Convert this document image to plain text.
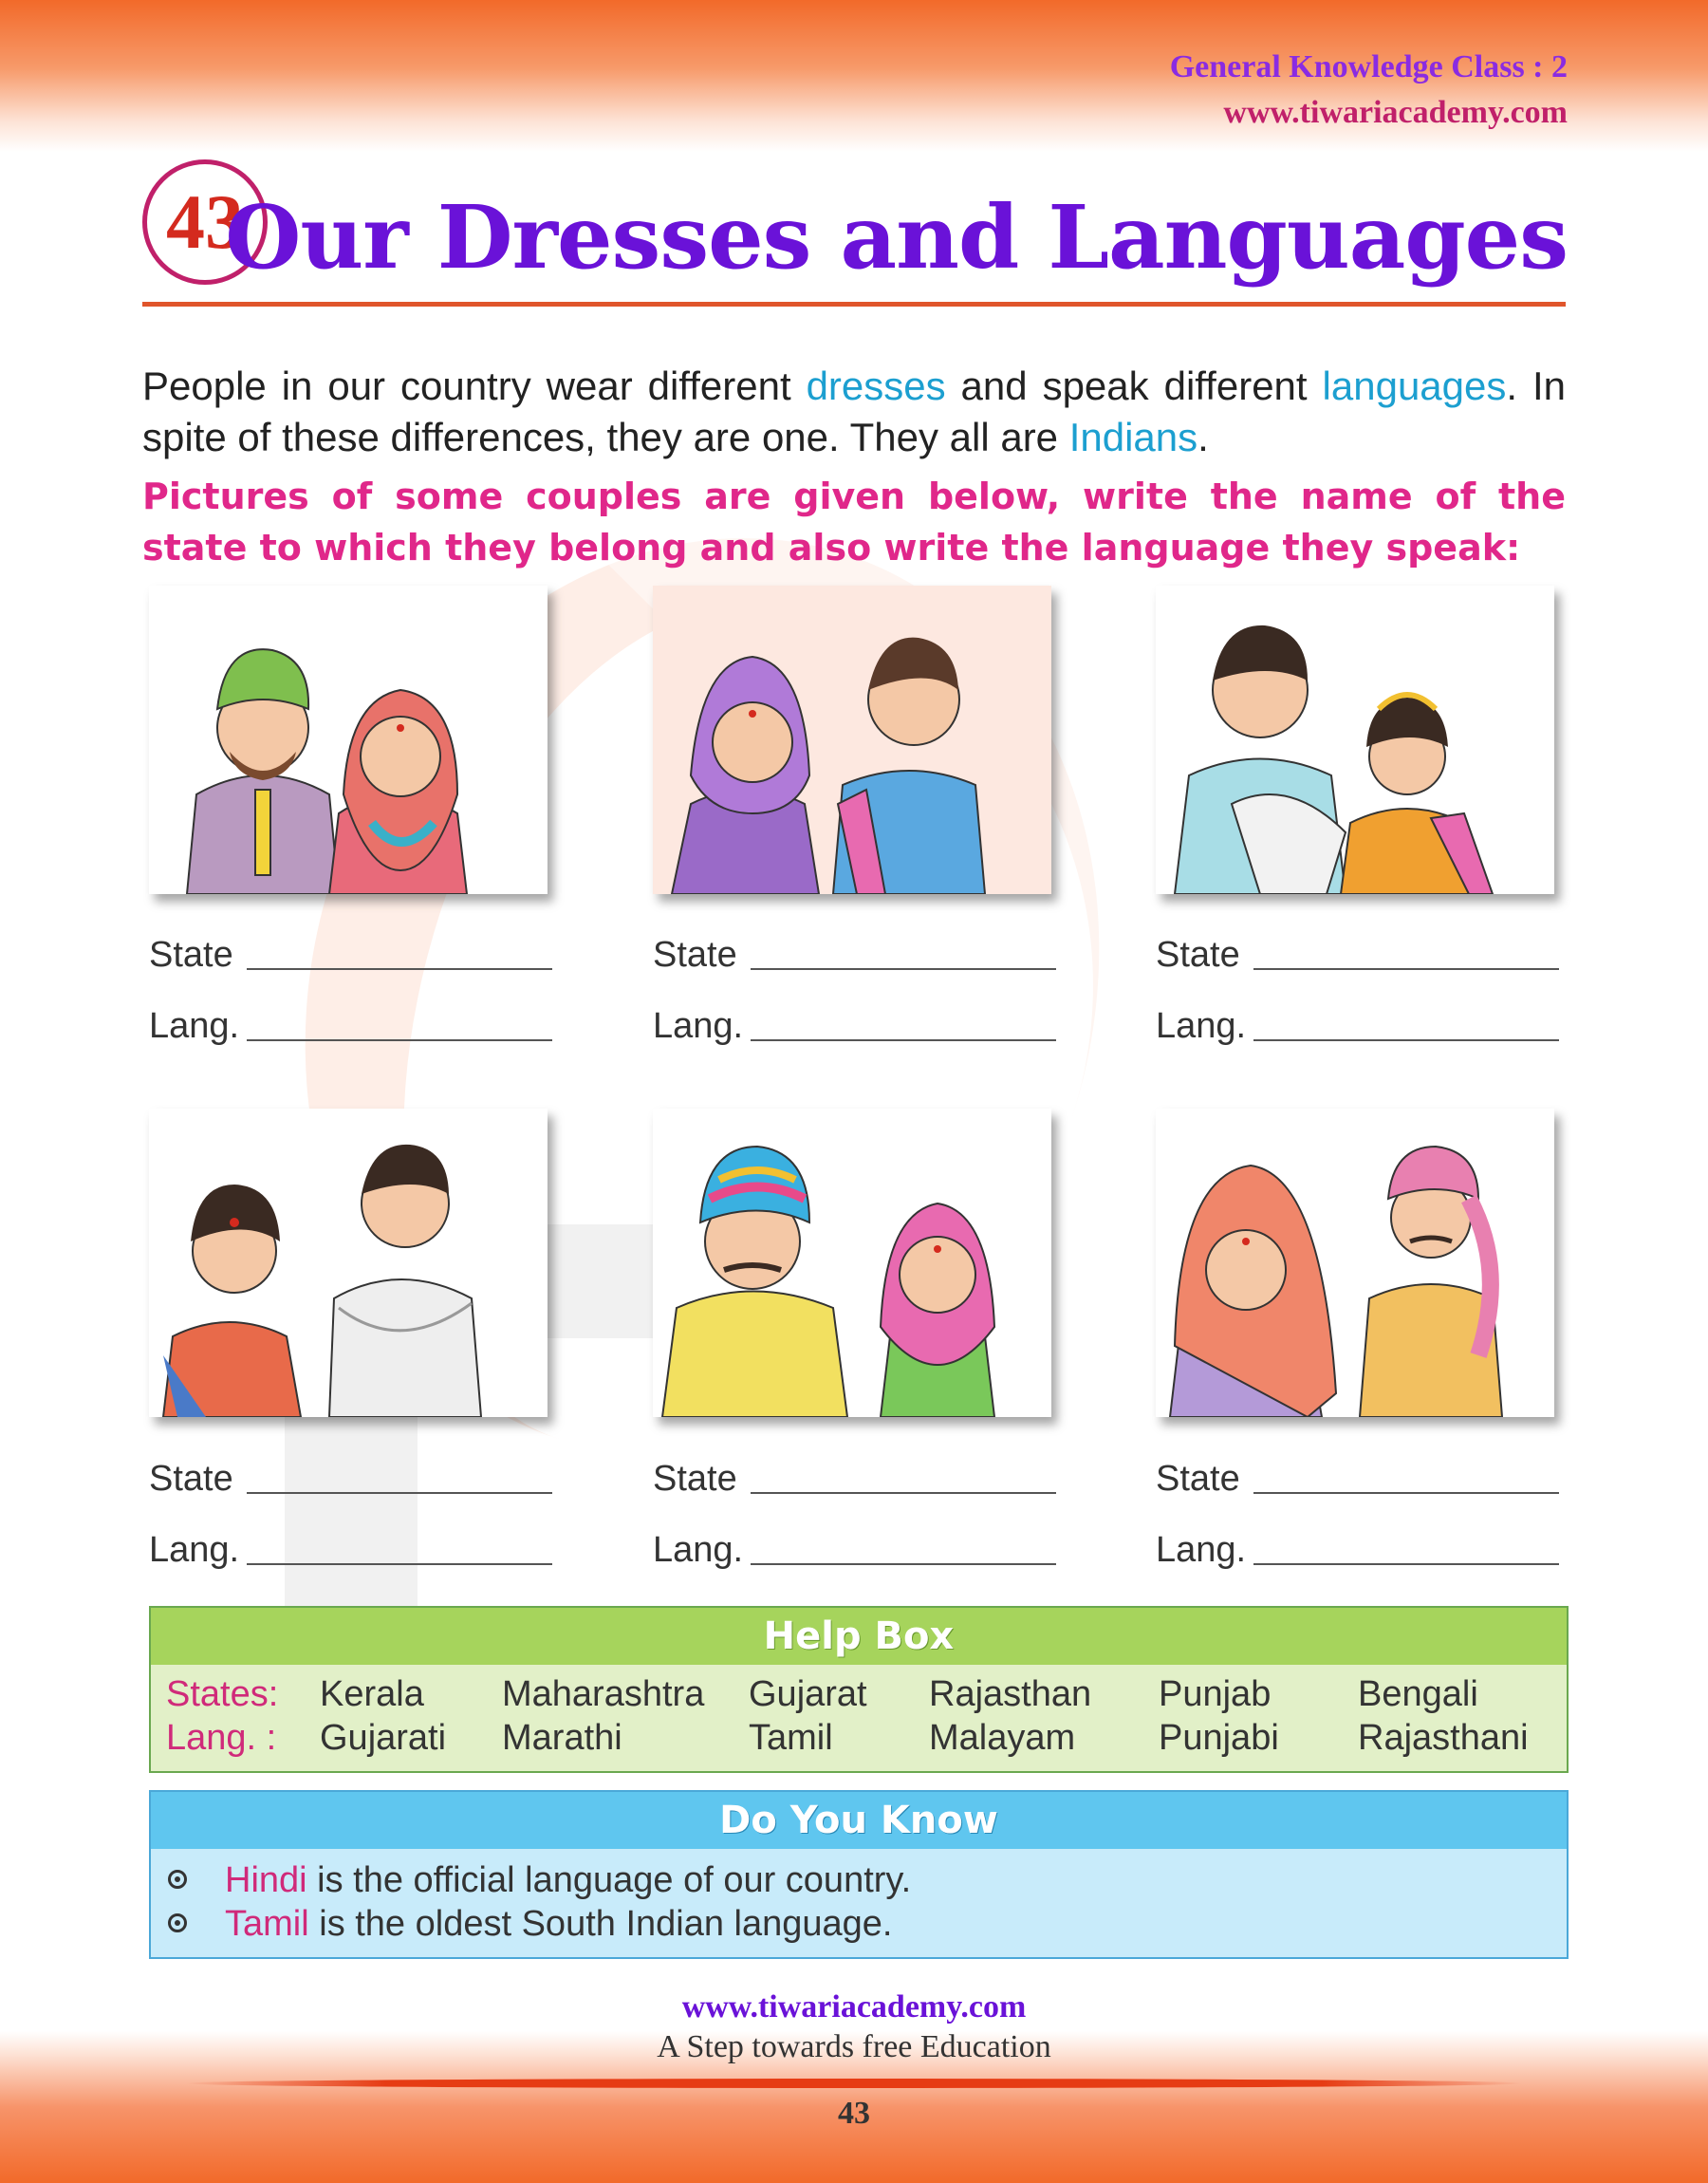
General Knowledge Class : 2
www.tiwariacademy.com
43
Our Dresses and Languages
People in our country wear different dresses and speak different languages. In spite of these differences, they are one. They all are Indians.
Pictures of some couples are given below, write the name of the state to which they belong and also write the language they speak:
State
Lang.
State
Lang.
State
Lang.
State
Lang.
State
Lang.
State
Lang.
Help Box
States: Kerala Maharashtra Gujarat Rajasthan Punjab Bengali
Lang. : Gujarati Marathi	Tamil	Malayam Punjabi Rajasthani
Do You Know
Hindi is the official language of our country.
Tamil is the oldest South Indian language.
www.tiwariacademy.com
A Step towards free Education
43
